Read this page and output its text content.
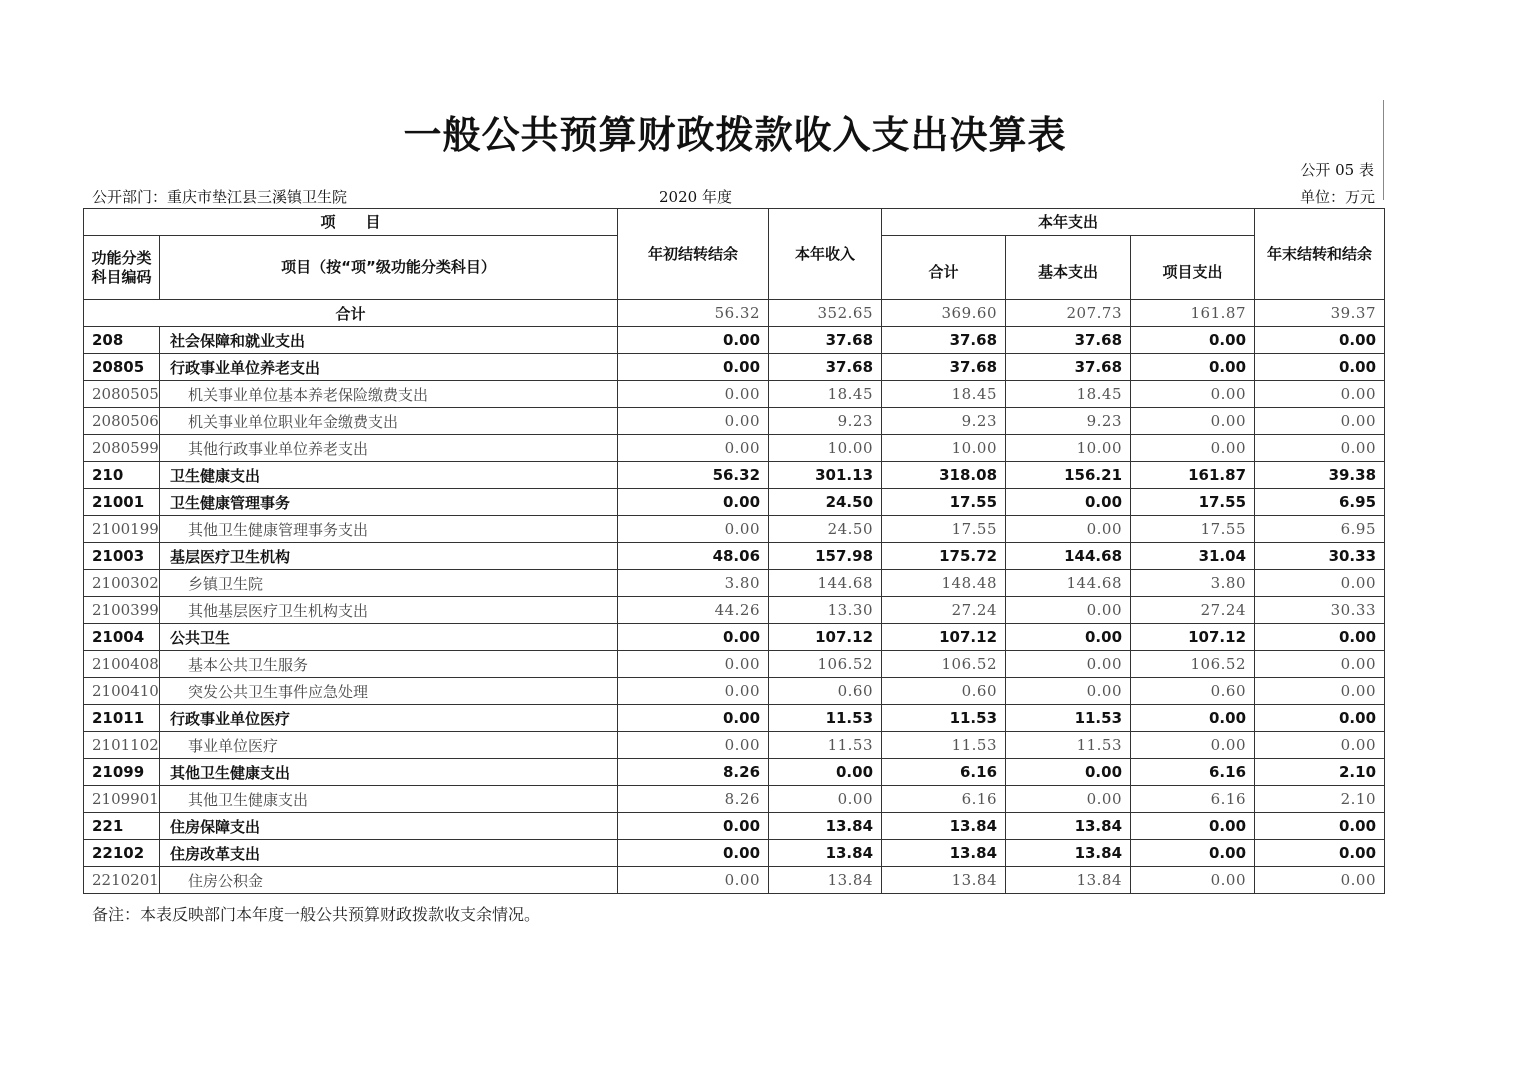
一般公共预算财政拨款收入支出决算表
公开 05 表
公开部门：重庆市垫江县三溪镇卫生院	2020 年度	单位：万元
项　　目		年初结转结余	本年收入	本年支出			年末结转和结余
功能分类科目编码	项目（按“项”级功能分类科目）			合计	基本支出	项目支出	
合计		56.32	352.65	369.60	207.73	161.87	39.37
208	社会保障和就业支出	0.00	37.68	37.68	37.68	0.00	0.00
20805	行政事业单位养老支出	0.00	37.68	37.68	37.68	0.00	0.00
2080505	机关事业单位基本养老保险缴费支出	0.00	18.45	18.45	18.45	0.00	0.00
2080506	机关事业单位职业年金缴费支出	0.00	9.23	9.23	9.23	0.00	0.00
2080599	其他行政事业单位养老支出	0.00	10.00	10.00	10.00	0.00	0.00
210	卫生健康支出	56.32	301.13	318.08	156.21	161.87	39.38
21001	卫生健康管理事务	0.00	24.50	17.55	0.00	17.55	6.95
2100199	其他卫生健康管理事务支出	0.00	24.50	17.55	0.00	17.55	6.95
21003	基层医疗卫生机构	48.06	157.98	175.72	144.68	31.04	30.33
2100302	乡镇卫生院	3.80	144.68	148.48	144.68	3.80	0.00
2100399	其他基层医疗卫生机构支出	44.26	13.30	27.24	0.00	27.24	30.33
21004	公共卫生	0.00	107.12	107.12	0.00	107.12	0.00
2100408	基本公共卫生服务	0.00	106.52	106.52	0.00	106.52	0.00
2100410	突发公共卫生事件应急处理	0.00	0.60	0.60	0.00	0.60	0.00
21011	行政事业单位医疗	0.00	11.53	11.53	11.53	0.00	0.00
2101102	事业单位医疗	0.00	11.53	11.53	11.53	0.00	0.00
21099	其他卫生健康支出	8.26	0.00	6.16	0.00	6.16	2.10
2109901	其他卫生健康支出	8.26	0.00	6.16	0.00	6.16	2.10
221	住房保障支出	0.00	13.84	13.84	13.84	0.00	0.00
22102	住房改革支出	0.00	13.84	13.84	13.84	0.00	0.00
2210201	住房公积金	0.00	13.84	13.84	13.84	0.00	0.00
备注：本表反映部门本年度一般公共预算财政拨款收支余情况。
